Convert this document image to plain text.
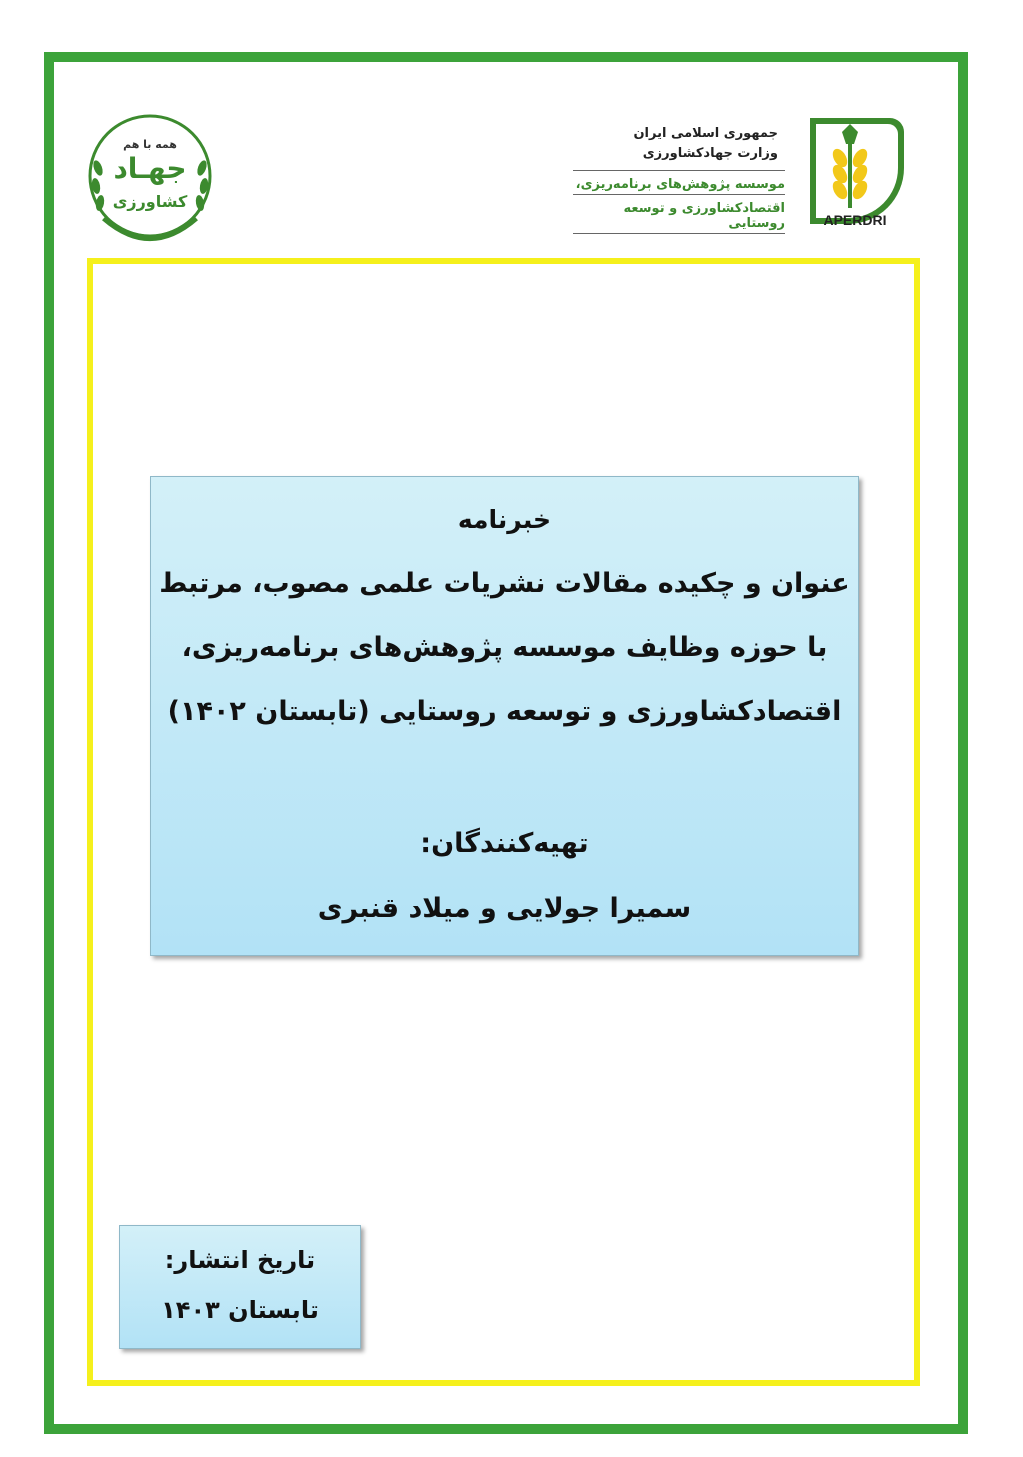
همه با هم
جهـاد
کشاورزی
جمهوری اسلامی ایران
وزارت جهادکشاورزی
موسسه پژوهش‌های برنامه‌ریزی،
اقتصادکشاورزی و توسعه روستایی	APERDRI
خبرنامه
عنوان و چکیده مقالات نشریات علمی مصوب، مرتبط
با حوزه وظایف موسسه پژوهش‌های برنامه‌ریزی،
اقتصادکشاورزی و توسعه روستایی (تابستان ۱۴۰۲)
تهیه‌کنندگان:
سمیرا جولایی و میلاد قنبری
تاریخ انتشار:
تابستان ۱۴۰۳
